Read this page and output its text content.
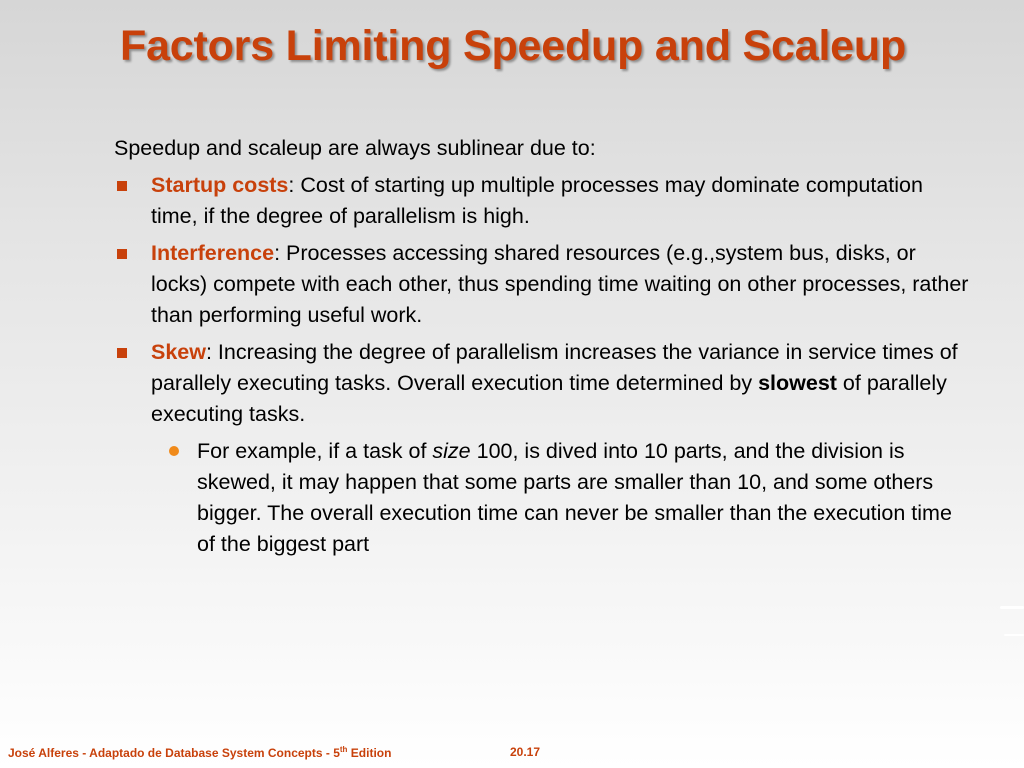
Factors Limiting Speedup and Scaleup

Speedup and scaleup are always sublinear due to:

Startup costs: Cost of starting up multiple processes may dominate computation time, if the degree of parallelism is high.
Interference: Processes accessing shared resources (e.g.,system bus, disks, or locks) compete with each other, thus spending time waiting on other processes, rather than performing useful work.
Skew: Increasing the degree of parallelism increases the variance in service times of parallely executing tasks. Overall execution time determined by slowest of parallely executing tasks.
For example, if a task of size 100, is dived into 10 parts, and the division is skewed, it may happen that some parts are smaller than 10, and some others bigger. The overall execution time can never be smaller than the execution time of the biggest part
José Alferes - Adaptado de Database System Concepts - 5th Edition	20.17
